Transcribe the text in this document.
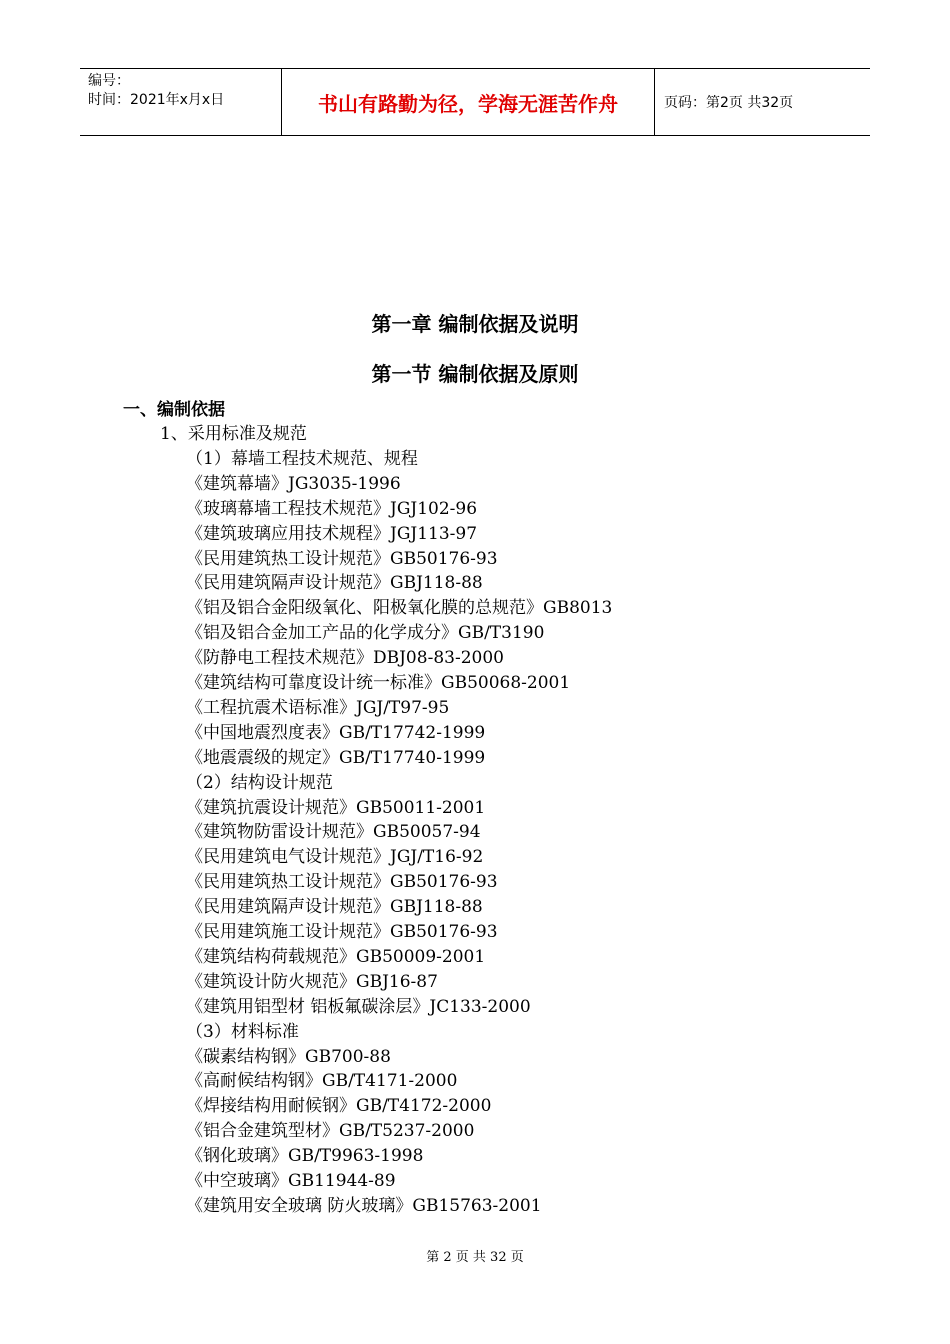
编号：
时间：2021年x月x日	书山有路勤为径，学海无涯苦作舟	页码：第2页 共32页
第一章 编制依据及说明
第一节 编制依据及原则
一、编制依据
1、采用标准及规范
（1）幕墙工程技术规范、规程
《建筑幕墙》JG3035-1996
《玻璃幕墙工程技术规范》JGJ102-96
《建筑玻璃应用技术规程》JGJ113-97
《民用建筑热工设计规范》GB50176-93
《民用建筑隔声设计规范》GBJ118-88
《铝及铝合金阳级氧化、阳极氧化膜的总规范》GB8013
《铝及铝合金加工产品的化学成分》GB/T3190
《防静电工程技术规范》DBJ08-83-2000
《建筑结构可靠度设计统一标准》GB50068-2001
《工程抗震术语标准》JGJ/T97-95
《中国地震烈度表》GB/T17742-1999
《地震震级的规定》GB/T17740-1999
（2）结构设计规范
《建筑抗震设计规范》GB50011-2001
《建筑物防雷设计规范》GB50057-94
《民用建筑电气设计规范》JGJ/T16-92
《民用建筑热工设计规范》GB50176-93
《民用建筑隔声设计规范》GBJ118-88
《民用建筑施工设计规范》GB50176-93
《建筑结构荷载规范》GB50009-2001
《建筑设计防火规范》GBJ16-87
《建筑用铝型材 铝板氟碳涂层》JC133-2000
（3）材料标准
《碳素结构钢》GB700-88
《高耐候结构钢》GB/T4171-2000
《焊接结构用耐候钢》GB/T4172-2000
《铝合金建筑型材》GB/T5237-2000
《钢化玻璃》GB/T9963-1998
《中空玻璃》GB11944-89
《建筑用安全玻璃 防火玻璃》GB15763-2001
第 2 页 共 32 页
